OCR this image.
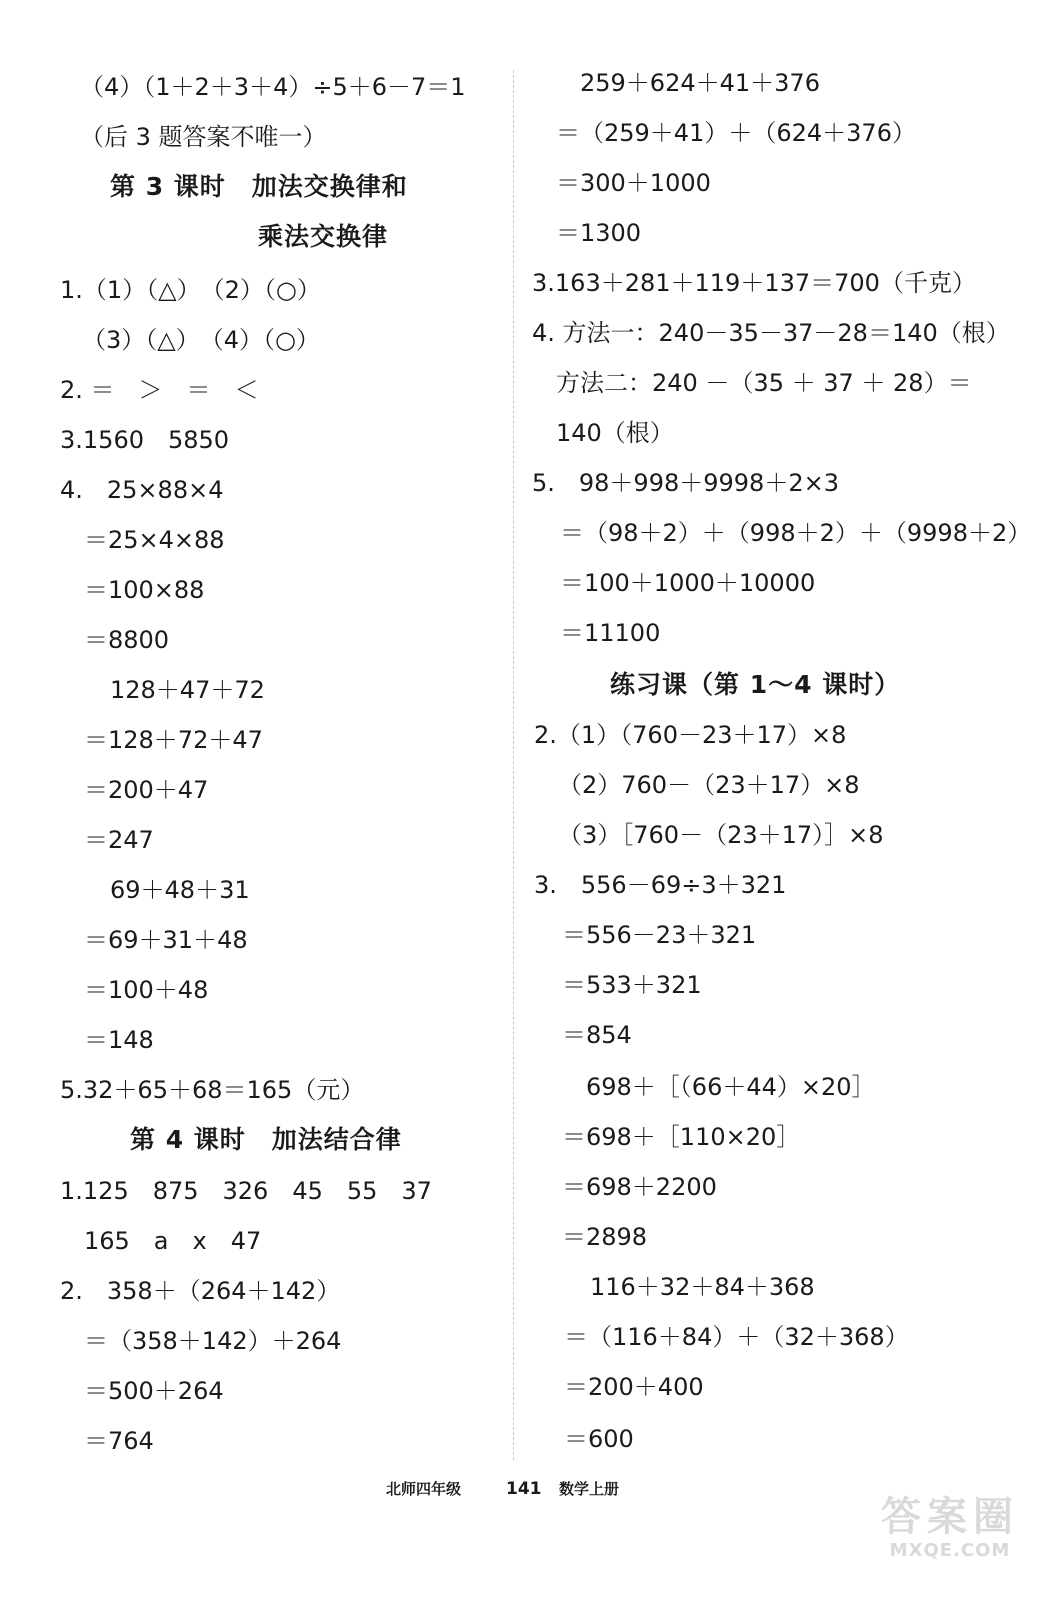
（4）（1＋2＋3＋4）÷5＋6－7＝1
（后 3 题答案不唯一）
第 3 课时　加法交换律和
乘法交换律
1.（1）（△）　（2）（○）
（3）（△）　（4）（○）
2. ＝　＞　＝　＜
3.1560　5850
4.　25×88×4
＝25×4×88
＝100×88
＝8800
128＋47＋72
＝128＋72＋47
＝200＋47
＝247
69＋48＋31
＝69＋31＋48
＝100＋48
＝148
5.32＋65＋68＝165（元）
第 4 课时　加法结合律
1.125　875　326　45　55　37
165　a　x　47
2.　358＋（264＋142）
＝（358＋142）＋264
＝500＋264
＝764
259＋624＋41＋376
＝（259＋41）＋（624＋376）
＝300＋1000
＝1300
3.163＋281＋119＋137＝700（千克）
4. 方法一：240－35－37－28＝140（根）
方法二：240 －（35 ＋ 37 ＋ 28）＝
140（根）
5.　98＋998＋9998＋2×3
＝（98＋2）＋（998＋2）＋（9998＋2）
＝100＋1000＋10000
＝11100
练习课（第 1～4 课时）
2.（1）（760－23＋17）×8
（2）760－（23＋17）×8
（3）［760－（23＋17）］×8
3.　556－69÷3＋321
＝556－23＋321
＝533＋321
＝854
698＋［（66＋44）×20］
＝698＋［110×20］
＝698＋2200
＝2898
116＋32＋84＋368
＝（116＋84）＋（32＋368）
＝200＋400
＝600
北师四年级	141 数学上册
答案圈
MXQE.COM
